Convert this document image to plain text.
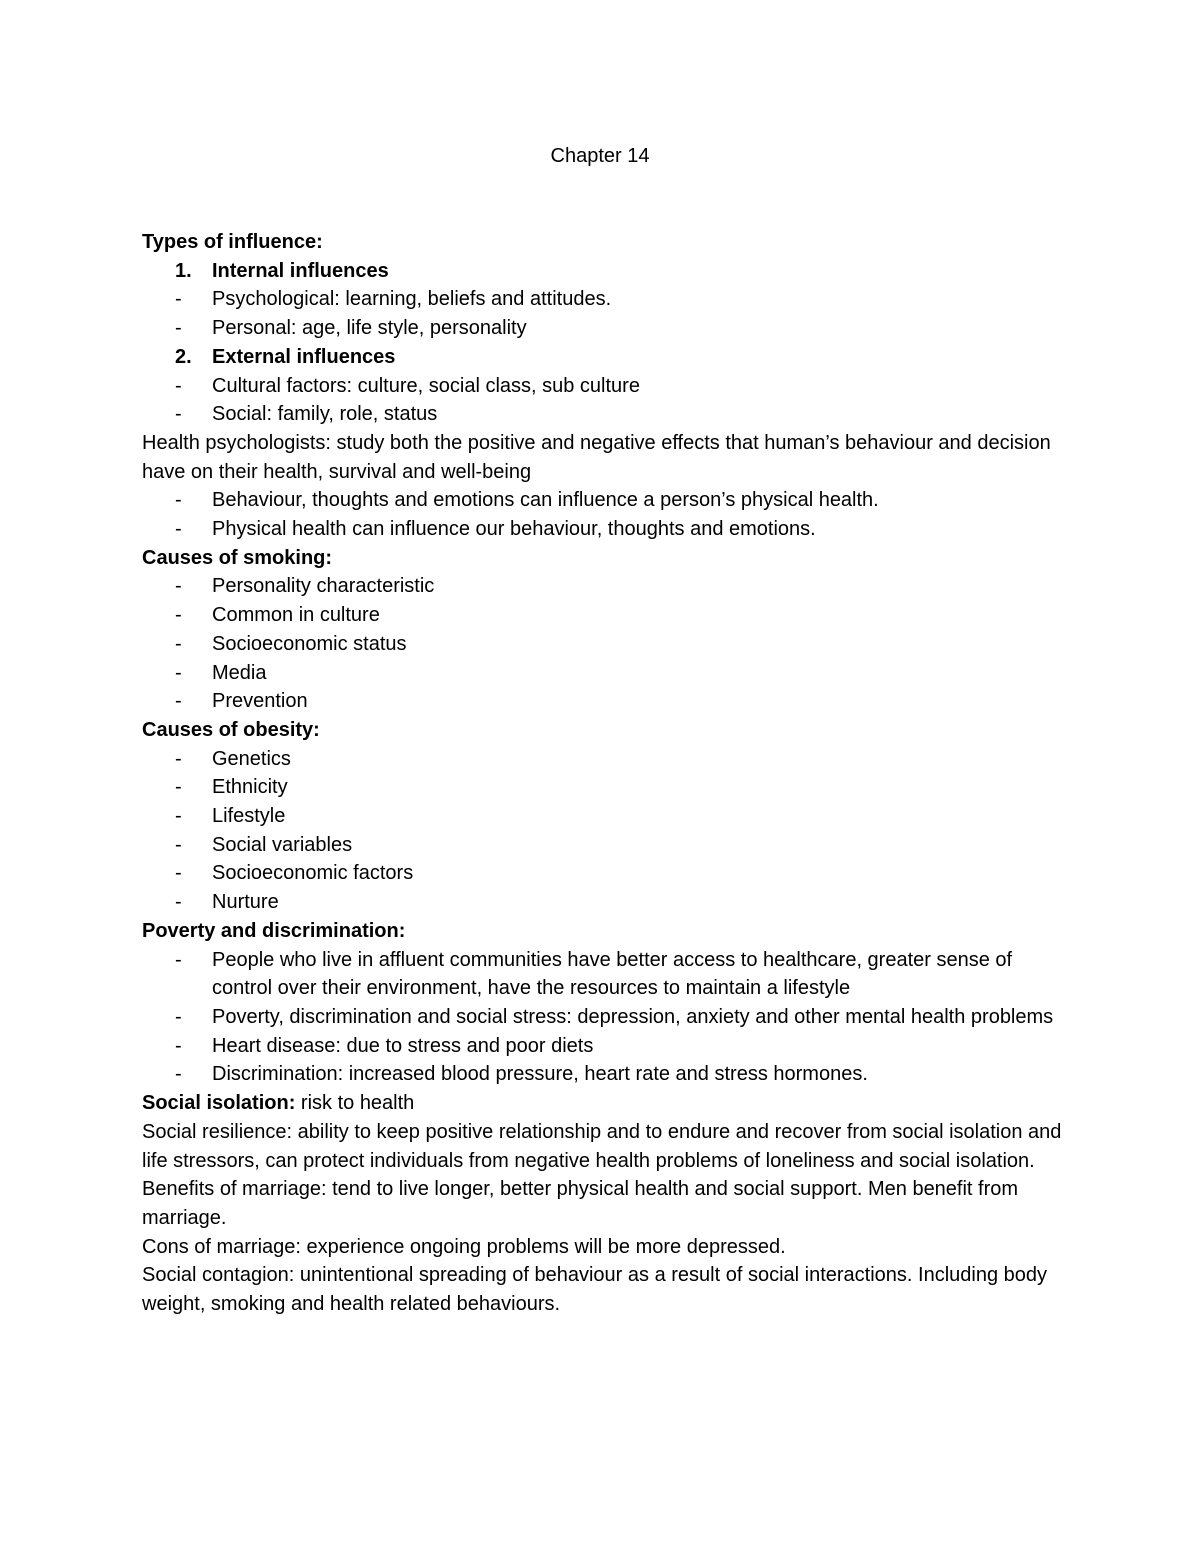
Chapter 14
Types of influence:
1. Internal influences
- Psychological: learning, beliefs and attitudes.
- Personal: age, life style, personality
2. External influences
- Cultural factors: culture, social class, sub culture
- Social: family, role, status
Health psychologists: study both the positive and negative effects that human’s behaviour and decision have on their health, survival and well-being
- Behaviour, thoughts and emotions can influence a person’s physical health.
- Physical health can influence our behaviour, thoughts and emotions.
Causes of smoking:
- Personality characteristic
- Common in culture
- Socioeconomic status
- Media
- Prevention
Causes of obesity:
- Genetics
- Ethnicity
- Lifestyle
- Social variables
- Socioeconomic factors
- Nurture
Poverty and discrimination:
- People who live in affluent communities have better access to healthcare, greater sense of control over their environment, have the resources to maintain a lifestyle
- Poverty, discrimination and social stress: depression, anxiety and other mental health problems
- Heart disease: due to stress and poor diets
- Discrimination: increased blood pressure, heart rate and stress hormones.
Social isolation: risk to health
Social resilience: ability to keep positive relationship and to endure and recover from social isolation and life stressors, can protect individuals from negative health problems of loneliness and social isolation.
Benefits of marriage: tend to live longer, better physical health and social support. Men benefit from marriage.
Cons of marriage: experience ongoing problems will be more depressed.
Social contagion: unintentional spreading of behaviour as a result of social interactions. Including body weight, smoking and health related behaviours.
